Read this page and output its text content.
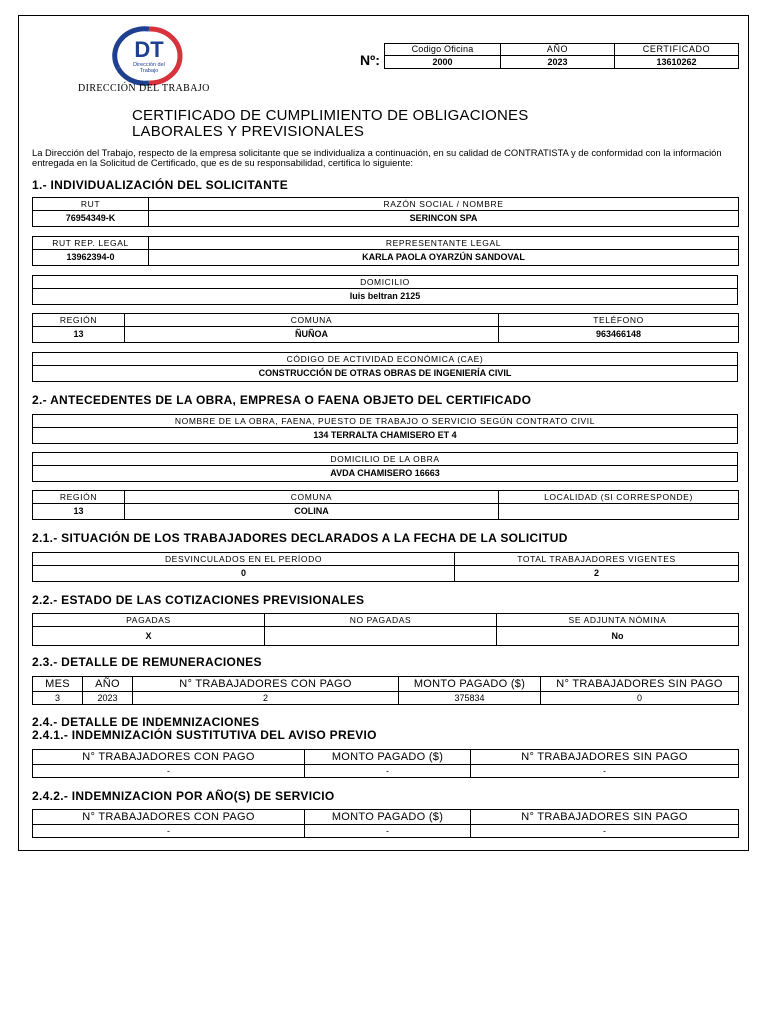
DT
Dirección del
Trabajo
DIRECCIÓN DEL TRABAJO
Nº:
Codigo Oficina	AÑO	CERTIFICADO
2000	2023	13610262
CERTIFICADO DE CUMPLIMIENTO DE OBLIGACIONES
LABORALES Y PREVISIONALES
La Dirección del Trabajo, respecto de la empresa solicitante que se individualiza a continuación, en su calidad de CONTRATISTA y de conformidad con la información entregada en la Solicitud de Certificado, que es de su responsabilidad, certifica lo siguiente:
1.- INDIVIDUALIZACIÓN DEL SOLICITANTE
RUT	RAZÓN SOCIAL / NOMBRE
76954349-K	SERINCON SPA
RUT REP. LEGAL	REPRESENTANTE LEGAL
13962394-0	KARLA PAOLA OYARZÚN SANDOVAL
DOMICILIO
luis beltran 2125
REGIÓN	COMUNA	TELÉFONO
13	ÑUÑOA	963466148
CÓDIGO DE ACTIVIDAD ECONÓMICA (CAE)
CONSTRUCCIÓN DE OTRAS OBRAS DE INGENIERÍA CIVIL
2.- ANTECEDENTES DE LA OBRA, EMPRESA O FAENA OBJETO DEL CERTIFICADO
NOMBRE DE LA OBRA, FAENA, PUESTO DE TRABAJO O SERVICIO SEGÚN CONTRATO CIVIL
134 TERRALTA CHAMISERO ET 4
DOMICILIO DE LA OBRA
AVDA CHAMISERO 16663
REGIÓN	COMUNA	LOCALIDAD (SI CORRESPONDE)
13	COLINA	
2.1.- SITUACIÓN DE LOS TRABAJADORES DECLARADOS A LA FECHA DE LA SOLICITUD
DESVINCULADOS EN EL PERÍODO	TOTAL TRABAJADORES VIGENTES
0	2
2.2.- ESTADO DE LAS COTIZACIONES PREVISIONALES
PAGADAS	NO PAGADAS	SE ADJUNTA NÓMINA
X		No
2.3.- DETALLE DE REMUNERACIONES
MES	AÑO	N° TRABAJADORES CON PAGO	MONTO PAGADO ($)	N° TRABAJADORES SIN PAGO
3	2023	2	375834	0
2.4.- DETALLE DE INDEMNIZACIONES
2.4.1.- INDEMNIZACIÓN SUSTITUTIVA DEL AVISO PREVIO
N° TRABAJADORES CON PAGO	MONTO PAGADO ($)	N° TRABAJADORES SIN PAGO
-	-	-
2.4.2.- INDEMNIZACION POR AÑO(S) DE SERVICIO
N° TRABAJADORES CON PAGO	MONTO PAGADO ($)	N° TRABAJADORES SIN PAGO
-	-	-
